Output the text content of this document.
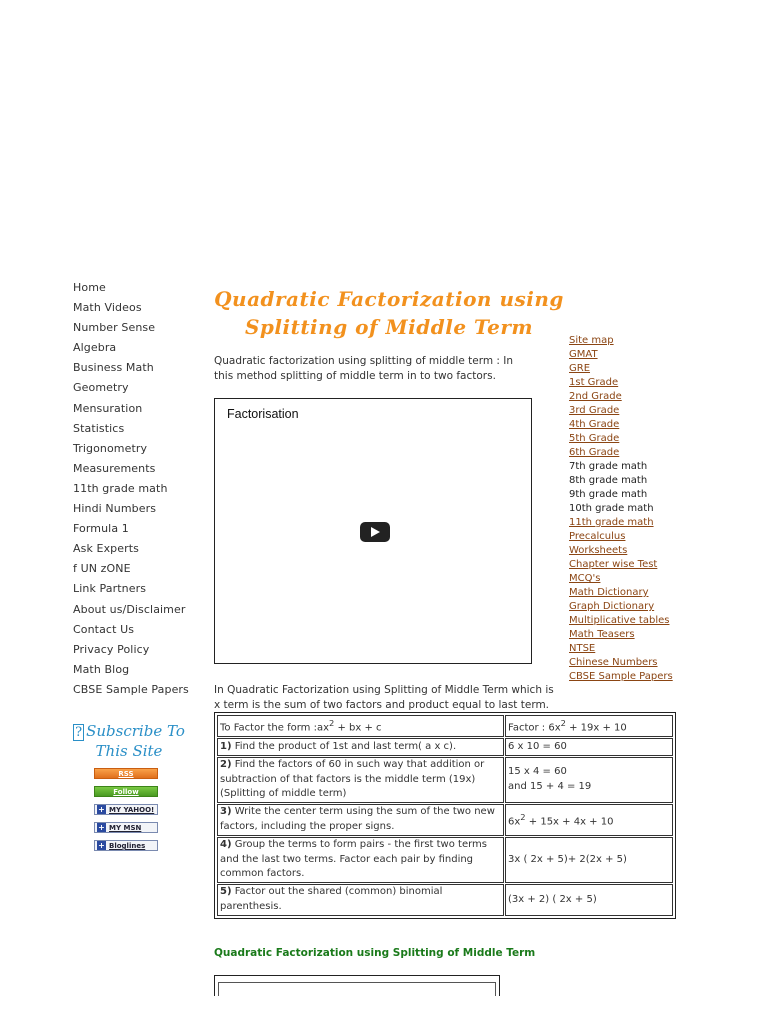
Home
Math Videos
Number Sense
Algebra
Business Math
Geometry
Mensuration
Statistics
Trigonometry
Measurements
11th grade math
Hindi Numbers
Formula 1
Ask Experts
f UN zONE
Link Partners
About us/Disclaimer
Contact Us
Privacy Policy
Math Blog
CBSE Sample Papers
? Subscribe To This Site
RSS
Follow
+ MY YAHOO!
+ MY MSN
+ Bloglines
Quadratic Factorization using Splitting of Middle Term

Quadratic factorization using splitting of middle term : In this method splitting of middle term in to two factors.

Factorisation
In Quadratic Factorization using Splitting of Middle Term which is x term is the sum of two factors and product equal to last term.
To Factor the form $:ax^2$ + bx + c	Factor : $6x^2 + 19x + 10$
1) Find the product of 1st and last term( a x c).	6 x 10 = 60
2) Find the factors of 60 in such way that addition or subtraction of that factors is the middle term (19x)(Splitting of middle term)	15 x 4 = 60
and 15 + 4 = 19
3) Write the center term using the sum of the two new factors, including the proper signs.	$6x^2 + 15x + 4x + 10$
4) Group the terms to form pairs - the first two terms and the last two terms. Factor each pair by finding common factors.	3x ( 2x + 5)+ 2(2x + 5)
5) Factor out the shared (common) binomial parenthesis.	(3x + 2) ( 2x + 5)
Quadratic Factorization using Splitting of Middle Term
Site map
GMAT
GRE
1st Grade
2nd Grade
3rd Grade
4th Grade
5th Grade
6th Grade
7th grade math
8th grade math
9th grade math
10th grade math
11th grade math
Precalculus
Worksheets
Chapter wise Test
MCQ's
Math Dictionary
Graph Dictionary
Multiplicative tables
Math Teasers
NTSE
Chinese Numbers
CBSE Sample Papers
